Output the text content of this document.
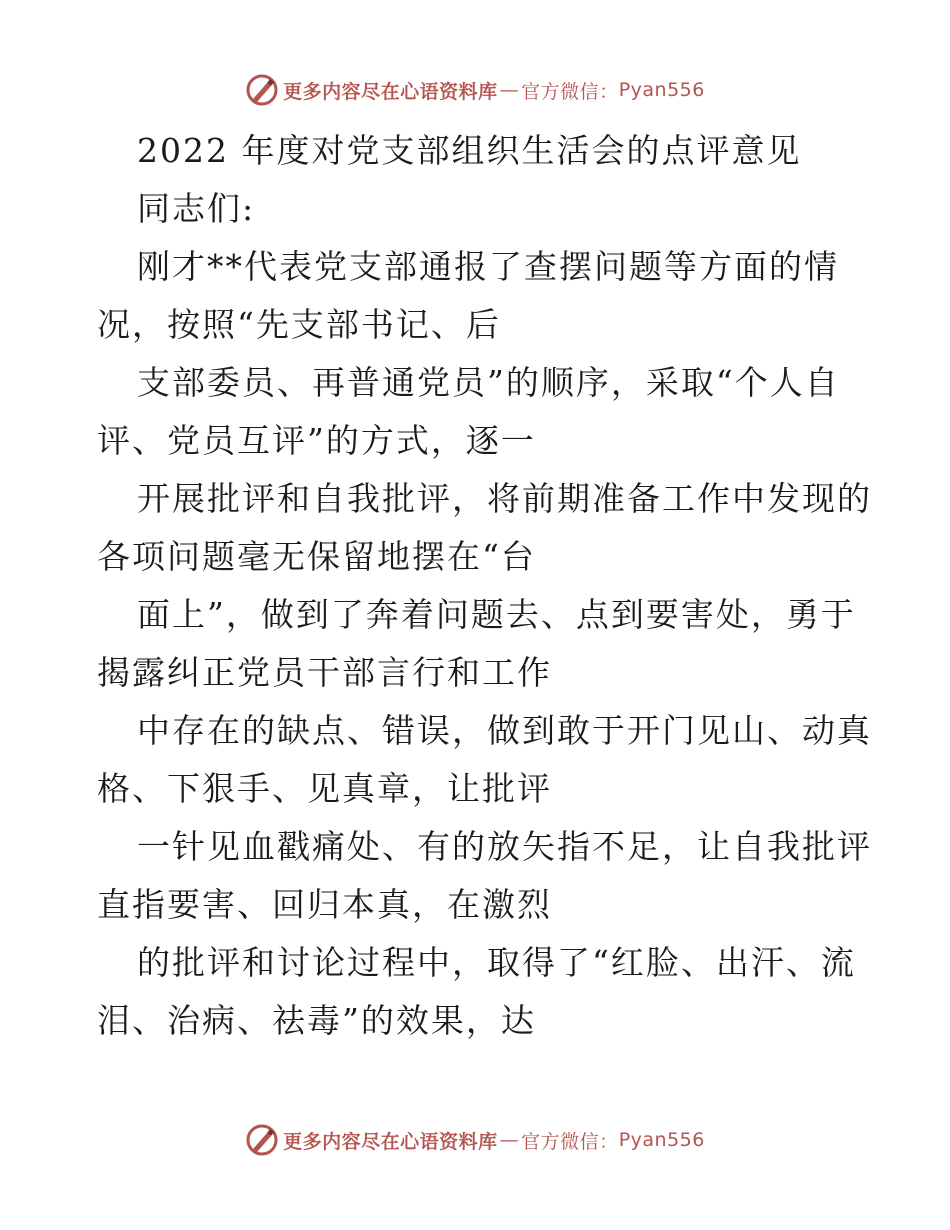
更多内容尽在心语资料库 — 官方微信： Pyan556
2022 年度对党支部组织生活会的点评意见
同志们:
刚才**代表党支部通报了查摆问题等方面的情
况，按照“先支部书记、后
支部委员、再普通党员”的顺序，采取“个人自
评、党员互评”的方式，逐一
开展批评和自我批评，将前期准备工作中发现的
各项问题毫无保留地摆在“台
面上”，做到了奔着问题去、点到要害处，勇于
揭露纠正党员干部言行和工作
中存在的缺点、错误，做到敢于开门见山、动真
格、下狠手、见真章，让批评
一针见血戳痛处、有的放矢指不足，让自我批评
直指要害、回归本真，在激烈
的批评和讨论过程中，取得了“红脸、出汗、流
泪、治病、祛毒”的效果，达
更多内容尽在心语资料库 — 官方微信： Pyan556
